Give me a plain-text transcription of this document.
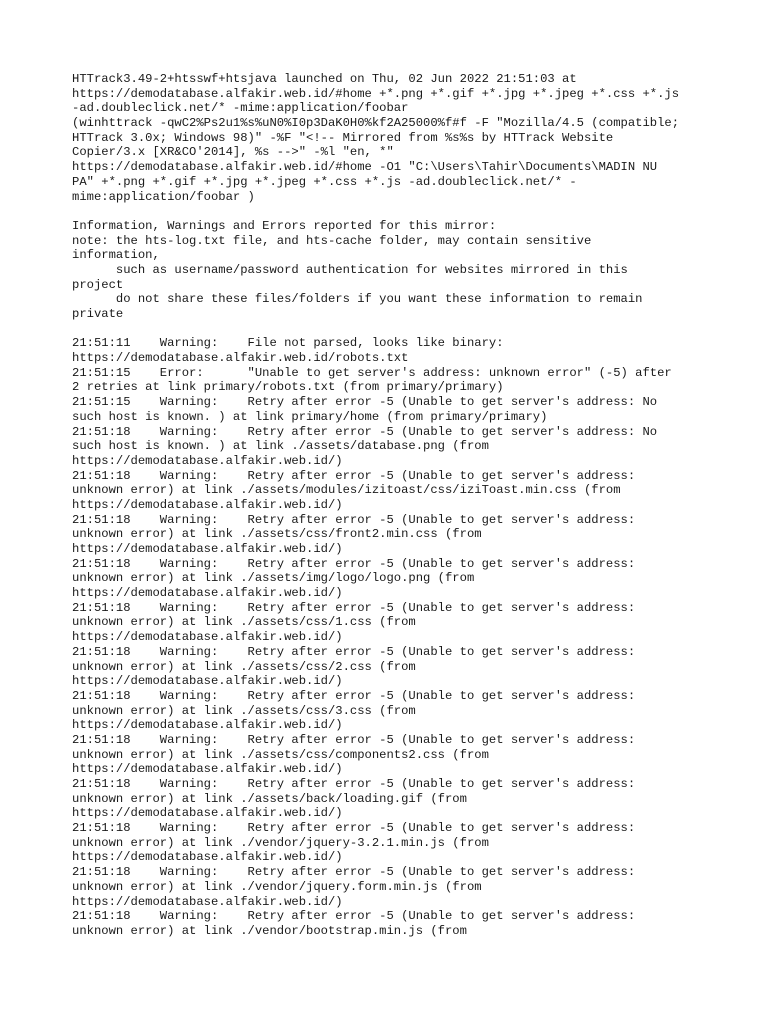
HTTrack3.49-2+htsswf+htsjava launched on Thu, 02 Jun 2022 21:51:03 at
https://demodatabase.alfakir.web.id/#home +*.png +*.gif +*.jpg +*.jpeg +*.css +*.js
-ad.doubleclick.net/* -mime:application/foobar
(winhttrack -qwC2%Ps2u1%s%uN0%I0p3DaK0H0%kf2A25000%f#f -F "Mozilla/4.5 (compatible;
HTTrack 3.0x; Windows 98)" -%F "<!-- Mirrored from %s%s by HTTrack Website
Copier/3.x [XR&CO'2014], %s -->" -%l "en, *"
https://demodatabase.alfakir.web.id/#home -O1 "C:\Users\Tahir\Documents\MADIN NU
PA" +*.png +*.gif +*.jpg +*.jpeg +*.css +*.js -ad.doubleclick.net/* -
mime:application/foobar )
Information, Warnings and Errors reported for this mirror:
note: the hts-log.txt file, and hts-cache folder, may contain sensitive
information,
such as username/password authentication for websites mirrored in this
project
do not share these files/folders if you want these information to remain
private
21:51:11    Warning:    File not parsed, looks like binary:
https://demodatabase.alfakir.web.id/robots.txt
21:51:15    Error:      "Unable to get server's address: unknown error" (-5) after
2 retries at link primary/robots.txt (from primary/primary)
21:51:15    Warning:    Retry after error -5 (Unable to get server's address: No
such host is known. ) at link primary/home (from primary/primary)
21:51:18    Warning:    Retry after error -5 (Unable to get server's address: No
such host is known. ) at link ./assets/database.png (from
https://demodatabase.alfakir.web.id/)
21:51:18    Warning:    Retry after error -5 (Unable to get server's address:
unknown error) at link ./assets/modules/izitoast/css/iziToast.min.css (from
https://demodatabase.alfakir.web.id/)
21:51:18    Warning:    Retry after error -5 (Unable to get server's address:
unknown error) at link ./assets/css/front2.min.css (from
https://demodatabase.alfakir.web.id/)
21:51:18    Warning:    Retry after error -5 (Unable to get server's address:
unknown error) at link ./assets/img/logo/logo.png (from
https://demodatabase.alfakir.web.id/)
21:51:18    Warning:    Retry after error -5 (Unable to get server's address:
unknown error) at link ./assets/css/1.css (from
https://demodatabase.alfakir.web.id/)
21:51:18    Warning:    Retry after error -5 (Unable to get server's address:
unknown error) at link ./assets/css/2.css (from
https://demodatabase.alfakir.web.id/)
21:51:18    Warning:    Retry after error -5 (Unable to get server's address:
unknown error) at link ./assets/css/3.css (from
https://demodatabase.alfakir.web.id/)
21:51:18    Warning:    Retry after error -5 (Unable to get server's address:
unknown error) at link ./assets/css/components2.css (from
https://demodatabase.alfakir.web.id/)
21:51:18    Warning:    Retry after error -5 (Unable to get server's address:
unknown error) at link ./assets/back/loading.gif (from
https://demodatabase.alfakir.web.id/)
21:51:18    Warning:    Retry after error -5 (Unable to get server's address:
unknown error) at link ./vendor/jquery-3.2.1.min.js (from
https://demodatabase.alfakir.web.id/)
21:51:18    Warning:    Retry after error -5 (Unable to get server's address:
unknown error) at link ./vendor/jquery.form.min.js (from
https://demodatabase.alfakir.web.id/)
21:51:18    Warning:    Retry after error -5 (Unable to get server's address:
unknown error) at link ./vendor/bootstrap.min.js (from
